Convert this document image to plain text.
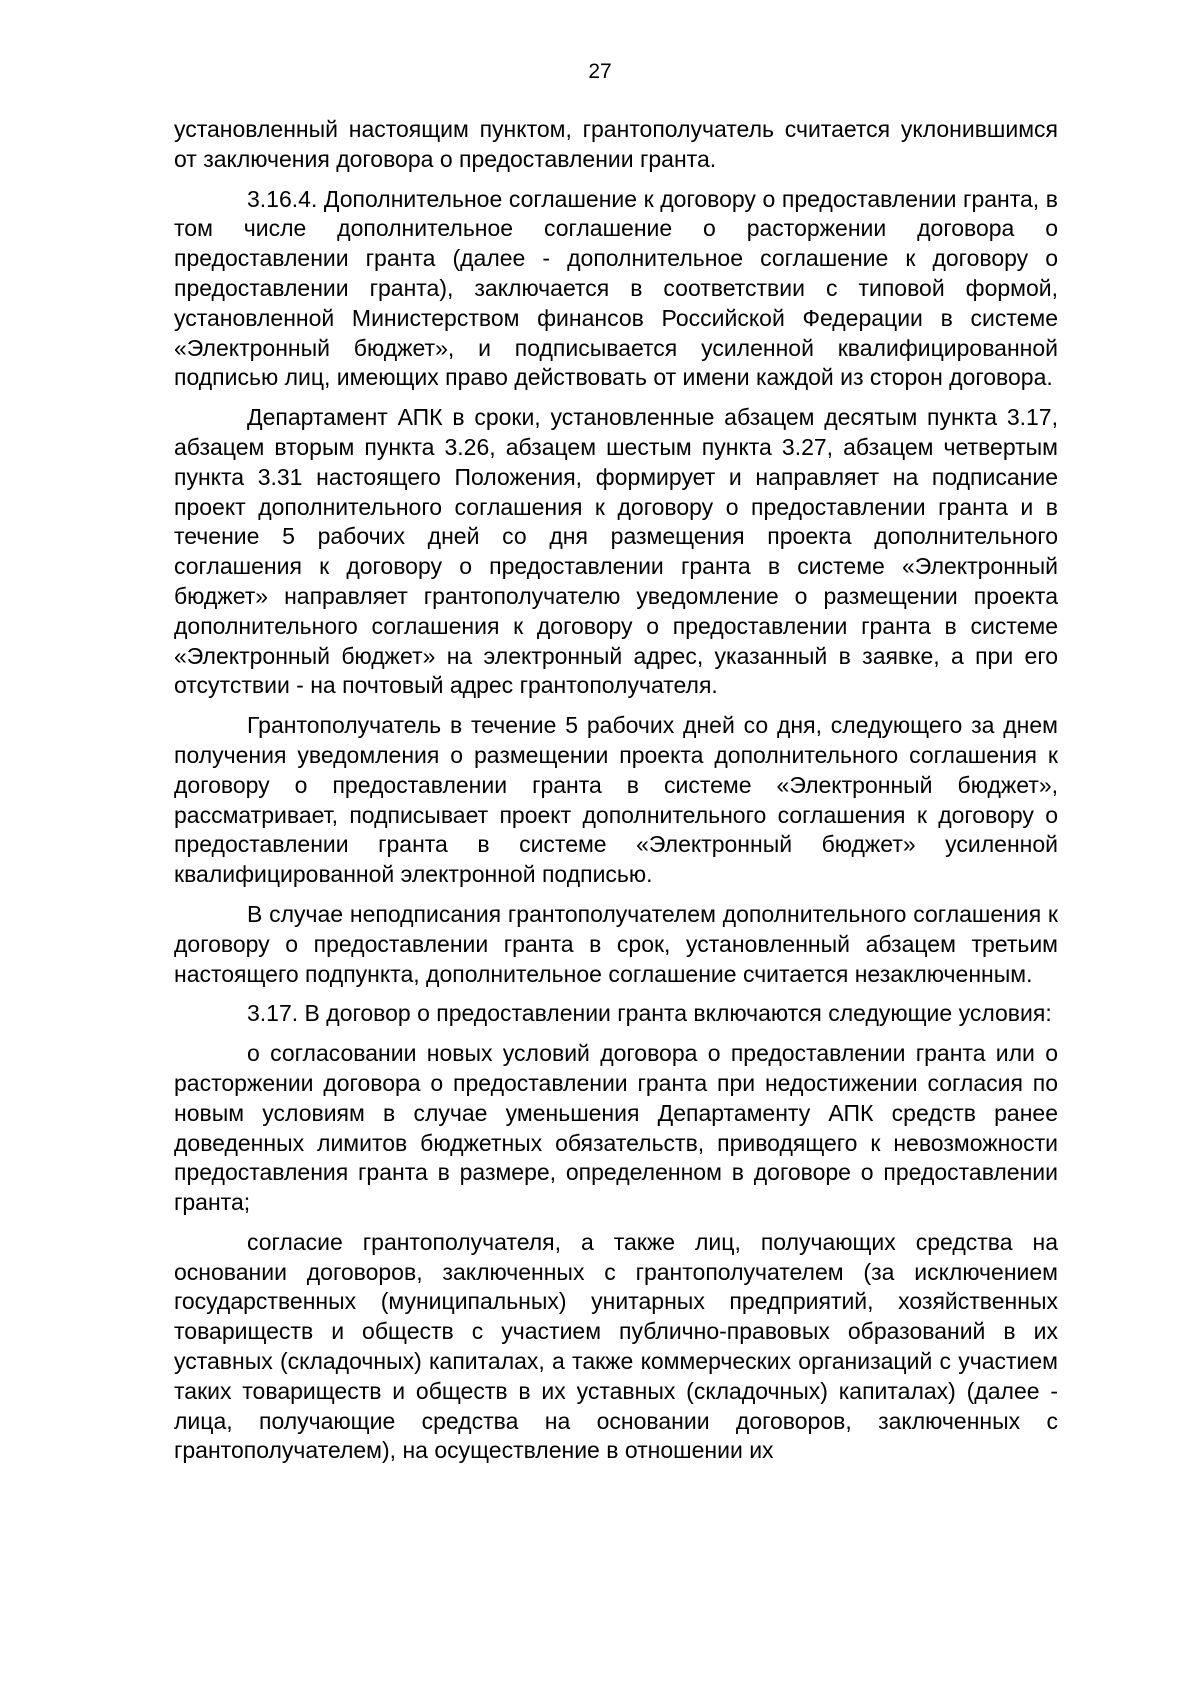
27

установленный настоящим пунктом, грантополучатель считается уклонившимся от заключения договора о предоставлении гранта.

3.16.4. Дополнительное соглашение к договору о предоставлении гранта, в том числе дополнительное соглашение о расторжении договора о предоставлении гранта (далее - дополнительное соглашение к договору о предоставлении гранта), заключается в соответствии с типовой формой, установленной Министерством финансов Российской Федерации в системе «Электронный бюджет», и подписывается усиленной квалифицированной подписью лиц, имеющих право действовать от имени каждой из сторон договора.

Департамент АПК в сроки, установленные абзацем десятым пункта 3.17, абзацем вторым пункта 3.26, абзацем шестым пункта 3.27, абзацем четвертым пункта 3.31 настоящего Положения, формирует и направляет на подписание проект дополнительного соглашения к договору о предоставлении гранта и в течение 5 рабочих дней со дня размещения проекта дополнительного соглашения к договору о предоставлении гранта в системе «Электронный бюджет» направляет грантополучателю уведомление о размещении проекта дополнительного соглашения к договору о предоставлении гранта в системе «Электронный бюджет» на электронный адрес, указанный в заявке, а при его отсутствии - на почтовый адрес грантополучателя.

Грантополучатель в течение 5 рабочих дней со дня, следующего за днем получения уведомления о размещении проекта дополнительного соглашения к договору о предоставлении гранта в системе «Электронный бюджет», рассматривает, подписывает проект дополнительного соглашения к договору о предоставлении гранта в системе «Электронный бюджет» усиленной квалифицированной электронной подписью.

В случае неподписания грантополучателем дополнительного соглашения к договору о предоставлении гранта в срок, установленный абзацем третьим настоящего подпункта, дополнительное соглашение считается незаключенным.

3.17. В договор о предоставлении гранта включаются следующие условия:

о согласовании новых условий договора о предоставлении гранта или о расторжении договора о предоставлении гранта при недостижении согласия по новым условиям в случае уменьшения Департаменту АПК средств ранее доведенных лимитов бюджетных обязательств, приводящего к невозможности предоставления гранта в размере, определенном в договоре о предоставлении гранта;

согласие грантополучателя, а также лиц, получающих средства на основании договоров, заключенных с грантополучателем (за исключением государственных (муниципальных) унитарных предприятий, хозяйственных товариществ и обществ с участием публично-правовых образований в их уставных (складочных) капиталах, а также коммерческих организаций с участием таких товариществ и обществ в их уставных (складочных) капиталах) (далее - лица, получающие средства на основании договоров, заключенных с грантополучателем), на осуществление в отношении их
